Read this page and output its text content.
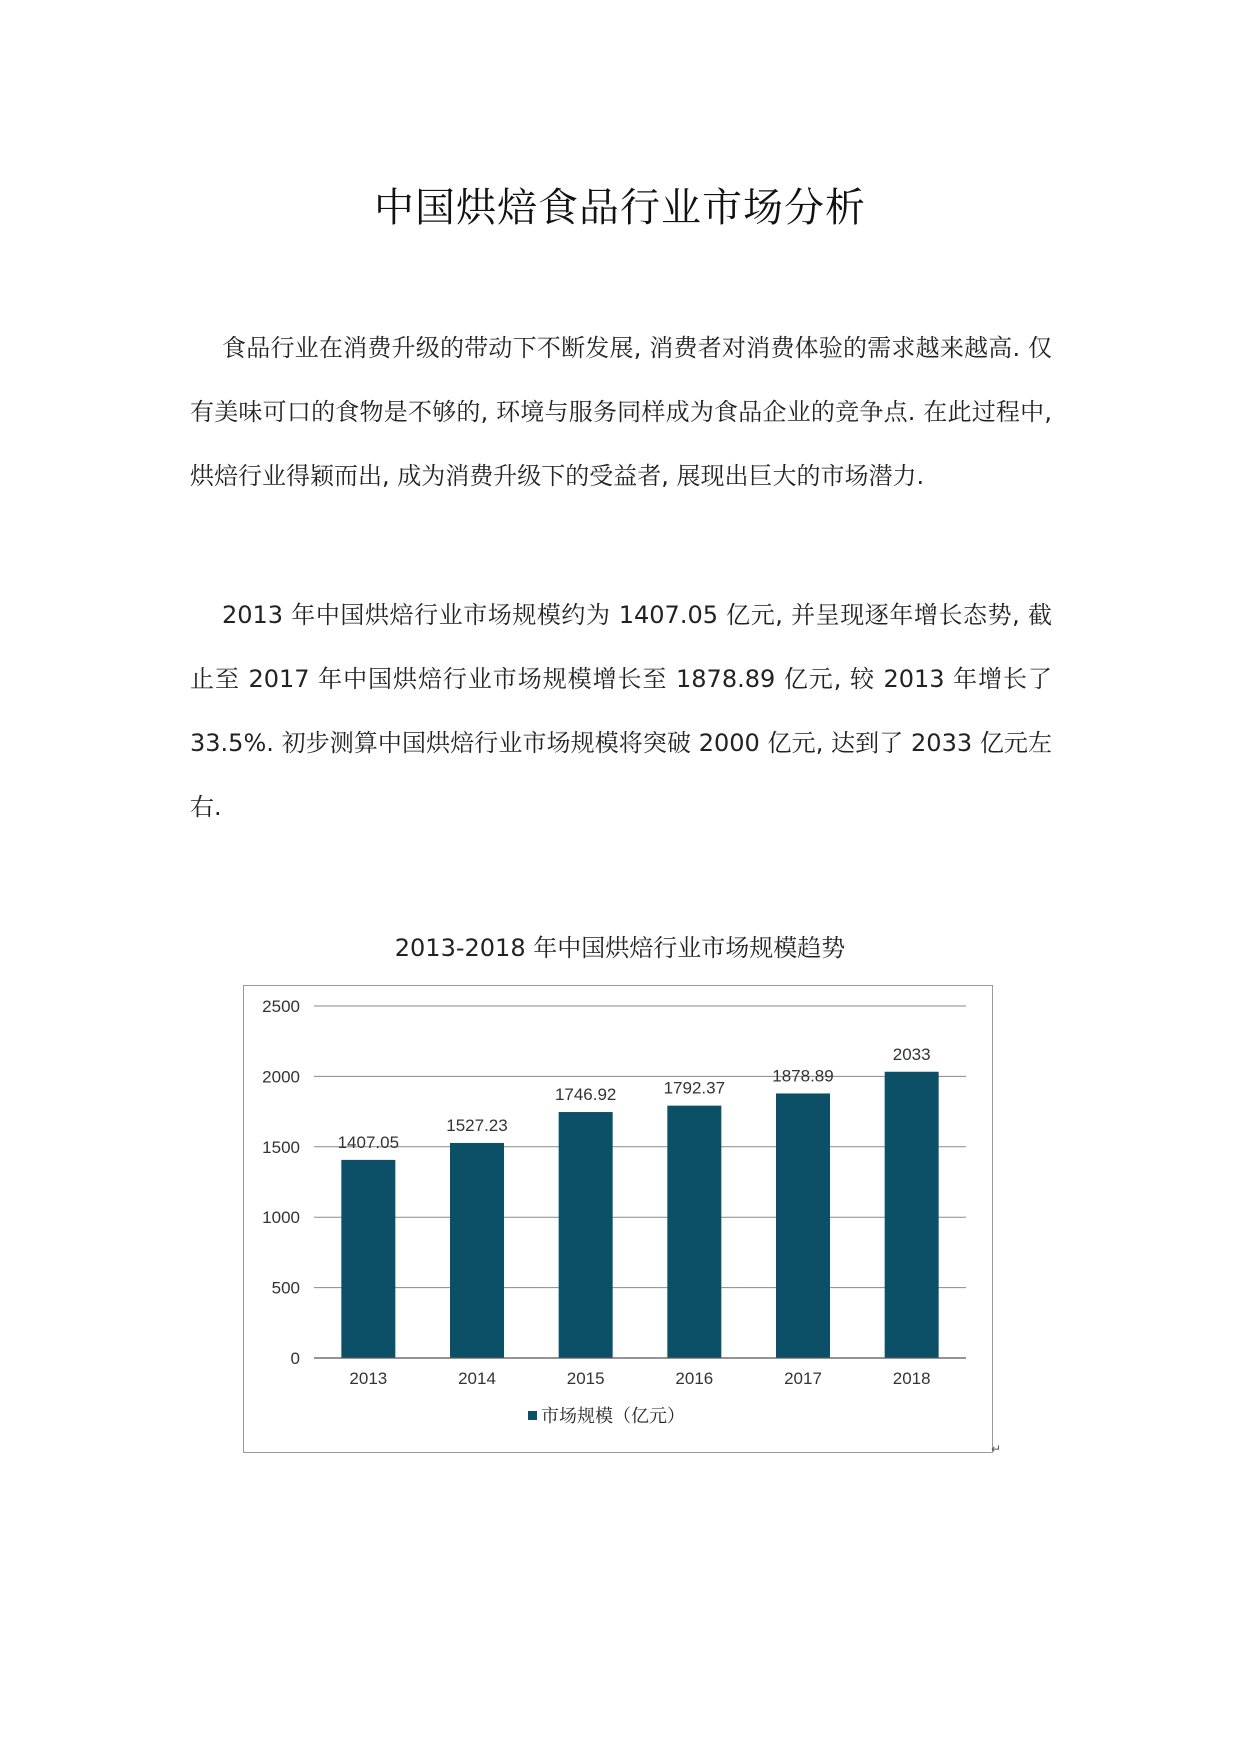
中国烘焙食品行业市场分析

食品行业在消费升级的带动下不断发展, 消费者对消费体验的需求越来越高. 仅有美味可口的食物是不够的, 环境与服务同样成为食品企业的竞争点. 在此过程中, 烘焙行业得颖而出, 成为消费升级下的受益者, 展现出巨大的市场潜力.

2013 年中国烘焙行业市场规模约为 1407.05 亿元, 并呈现逐年增长态势, 截止至 2017 年中国烘焙行业市场规模增长至 1878.89 亿元, 较 2013 年增长了 33.5%. 初步测算中国烘焙行业市场规模将突破 2000 亿元, 达到了 2033 亿元左右.

2013-2018 年中国烘焙行业市场规模趋势
1407.05
1527.23
1746.92	1792.37
1878.89
2033
0
500
1000
1500
2000
2500
2013	2014	2015	2016	2017	2018
市场规模（亿元）
↵
